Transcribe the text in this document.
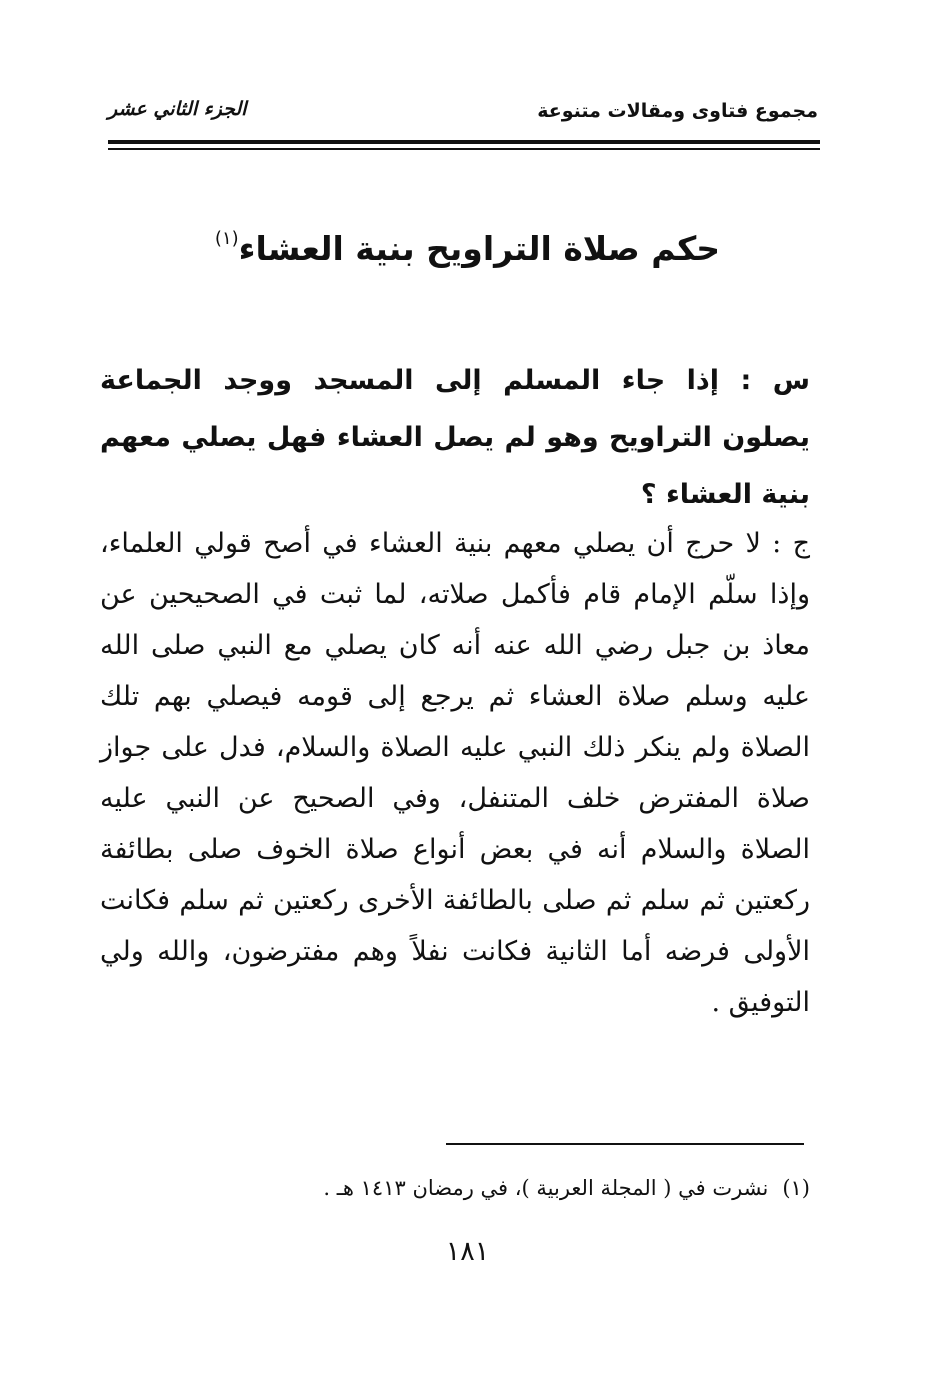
مجموع فتاوى ومقالات متنوعة
الجزء الثاني عشر
حكم صلاة التراويح بنية العشاء$^{(١)}$
س : إذا جاء المسلم إلى المسجد ووجد الجماعة يصلون التراويح وهو لم يصل العشاء فهل يصلي معهم بنية العشاء ؟
ج : لا حرج أن يصلي معهم بنية العشاء في أصح قولي العلماء، وإذا سلّم الإمام قام فأكمل صلاته، لما ثبت في الصحيحين عن معاذ بن جبل رضي الله عنه أنه كان يصلي مع النبي صلى الله عليه وسلم صلاة العشاء ثم يرجع إلى قومه فيصلي بهم تلك الصلاة ولم ينكر ذلك النبي عليه الصلاة والسلام، فدل على جواز صلاة المفترض خلف المتنفل، وفي الصحيح عن النبي عليه الصلاة والسلام أنه في بعض أنواع صلاة الخوف صلى بطائفة ركعتين ثم سلم ثم صلى بالطائفة الأخرى ركعتين ثم سلم فكانت الأولى فرضه أما الثانية فكانت نفلاً وهم مفترضون، والله ولي التوفيق .
(١)نشرت في ( المجلة العربية )، في رمضان ١٤١٣ هـ .
١٨١
